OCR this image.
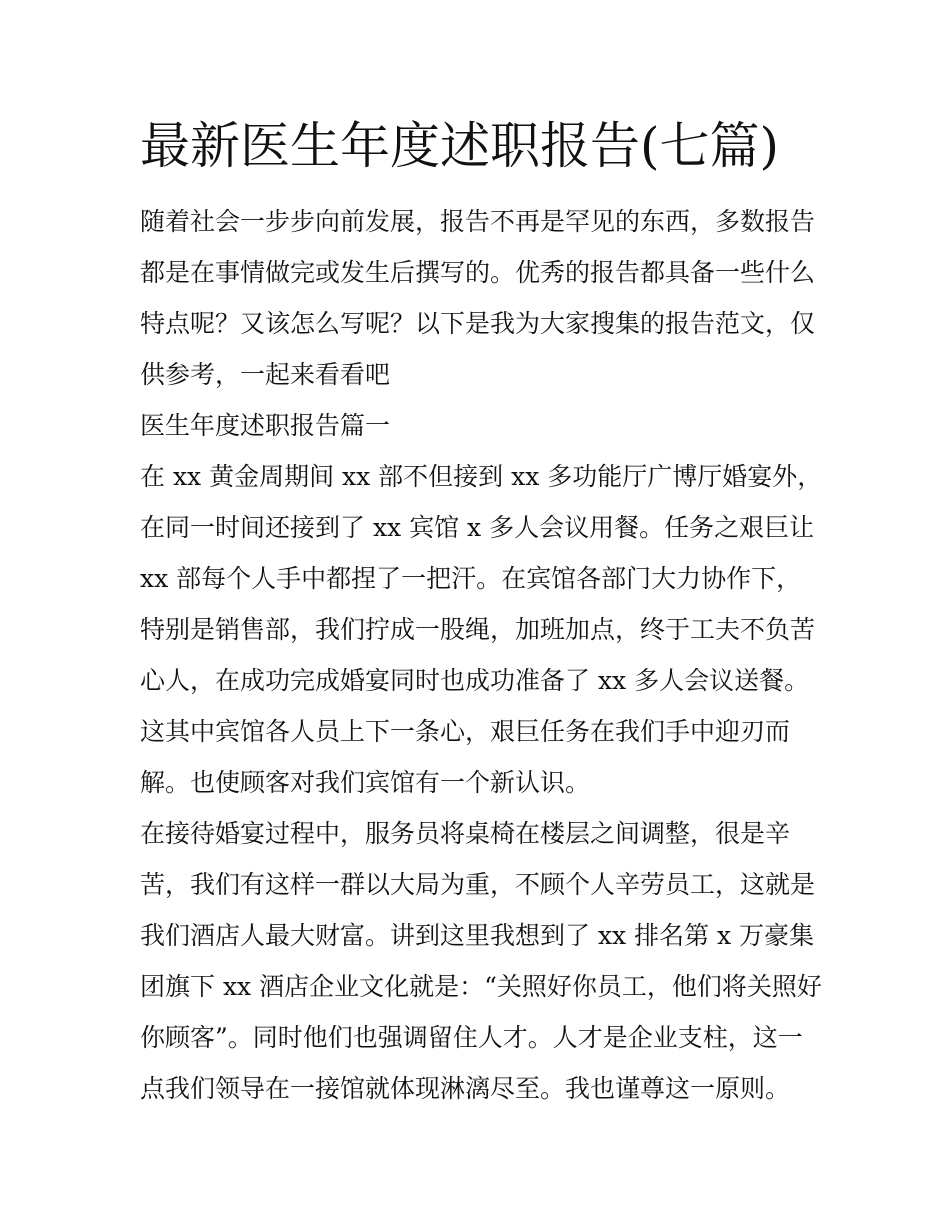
最新医生年度述职报告(七篇)

随着社会一步步向前发展，报告不再是罕见的东西，多数报告

都是在事情做完或发生后撰写的。优秀的报告都具备一些什么

特点呢？又该怎么写呢？以下是我为大家搜集的报告范文，仅

供参考，一起来看看吧

医生年度述职报告篇一

在 xx 黄金周期间 xx 部不但接到 xx 多功能厅广博厅婚宴外，

在同一时间还接到了 xx 宾馆 x 多人会议用餐。任务之艰巨让

xx 部每个人手中都捏了一把汗。在宾馆各部门大力协作下，

特别是销售部，我们拧成一股绳，加班加点，终于工夫不负苦

心人，在成功完成婚宴同时也成功准备了 xx 多人会议送餐。

这其中宾馆各人员上下一条心，艰巨任务在我们手中迎刃而

解。也使顾客对我们宾馆有一个新认识。

在接待婚宴过程中，服务员将桌椅在楼层之间调整，很是辛

苦，我们有这样一群以大局为重，不顾个人辛劳员工，这就是

我们酒店人最大财富。讲到这里我想到了 xx 排名第 x 万豪集

团旗下 xx 酒店企业文化就是：“关照好你员工，他们将关照好

你顾客”。同时他们也强调留住人才。人才是企业支柱，这一

点我们领导在一接馆就体现淋漓尽至。我也谨尊这一原则。
